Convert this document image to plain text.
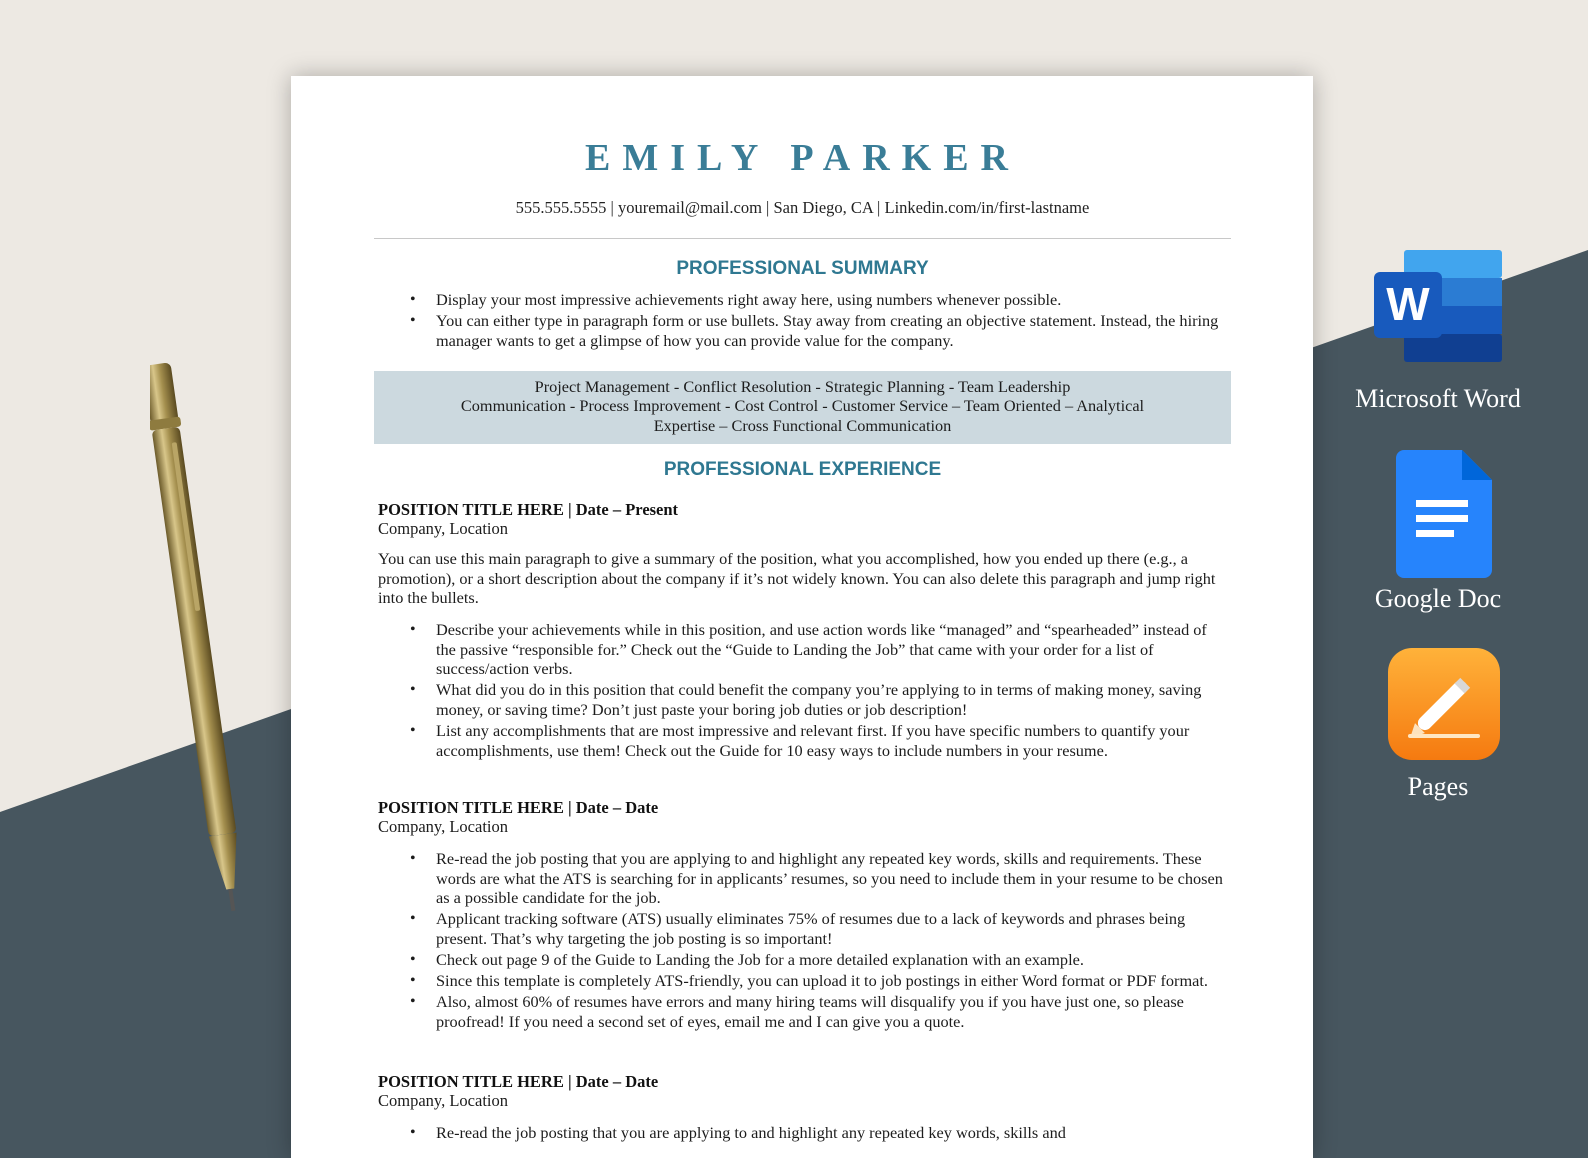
EMILY PARKER
555.555.5555 | youremail@mail.com | San Diego, CA | Linkedin.com/in/first-lastname
PROFESSIONAL SUMMARY
• Display your most impressive achievements right away here, using numbers whenever possible.
• You can either type in paragraph form or use bullets. Stay away from creating an objective statement. Instead, the hiring manager wants to get a glimpse of how you can provide value for the company.
Project Management - Conflict Resolution - Strategic Planning - Team Leadership
Communication - Process Improvement - Cost Control - Customer Service – Team Oriented – Analytical
Expertise – Cross Functional Communication
PROFESSIONAL EXPERIENCE
POSITION TITLE HERE | Date – Present
Company, Location
You can use this main paragraph to give a summary of the position, what you accomplished, how you ended up there (e.g., a promotion), or a short description about the company if it’s not widely known. You can also delete this paragraph and jump right into the bullets.
• Describe your achievements while in this position, and use action words like “managed” and “spearheaded” instead of the passive “responsible for.” Check out the “Guide to Landing the Job” that came with your order for a list of success/action verbs.
• What did you do in this position that could benefit the company you’re applying to in terms of making money, saving money, or saving time? Don’t just paste your boring job duties or job description!
• List any accomplishments that are most impressive and relevant first. If you have specific numbers to quantify your accomplishments, use them! Check out the Guide for 10 easy ways to include numbers in your resume.
POSITION TITLE HERE | Date – Date
Company, Location
• Re-read the job posting that you are applying to and highlight any repeated key words, skills and requirements. These words are what the ATS is searching for in applicants’ resumes, so you need to include them in your resume to be chosen as a possible candidate for the job.
• Applicant tracking software (ATS) usually eliminates 75% of resumes due to a lack of keywords and phrases being present. That’s why targeting the job posting is so important!
• Check out page 9 of the Guide to Landing the Job for a more detailed explanation with an example.
• Since this template is completely ATS-friendly, you can upload it to job postings in either Word format or PDF format.
• Also, almost 60% of resumes have errors and many hiring teams will disqualify you if you have just one, so please proofread! If you need a second set of eyes, email me and I can give you a quote.
POSITION TITLE HERE | Date – Date
Company, Location
• Re-read the job posting that you are applying to and highlight any repeated key words, skills and
W
Microsoft Word
Google Doc
Pages
